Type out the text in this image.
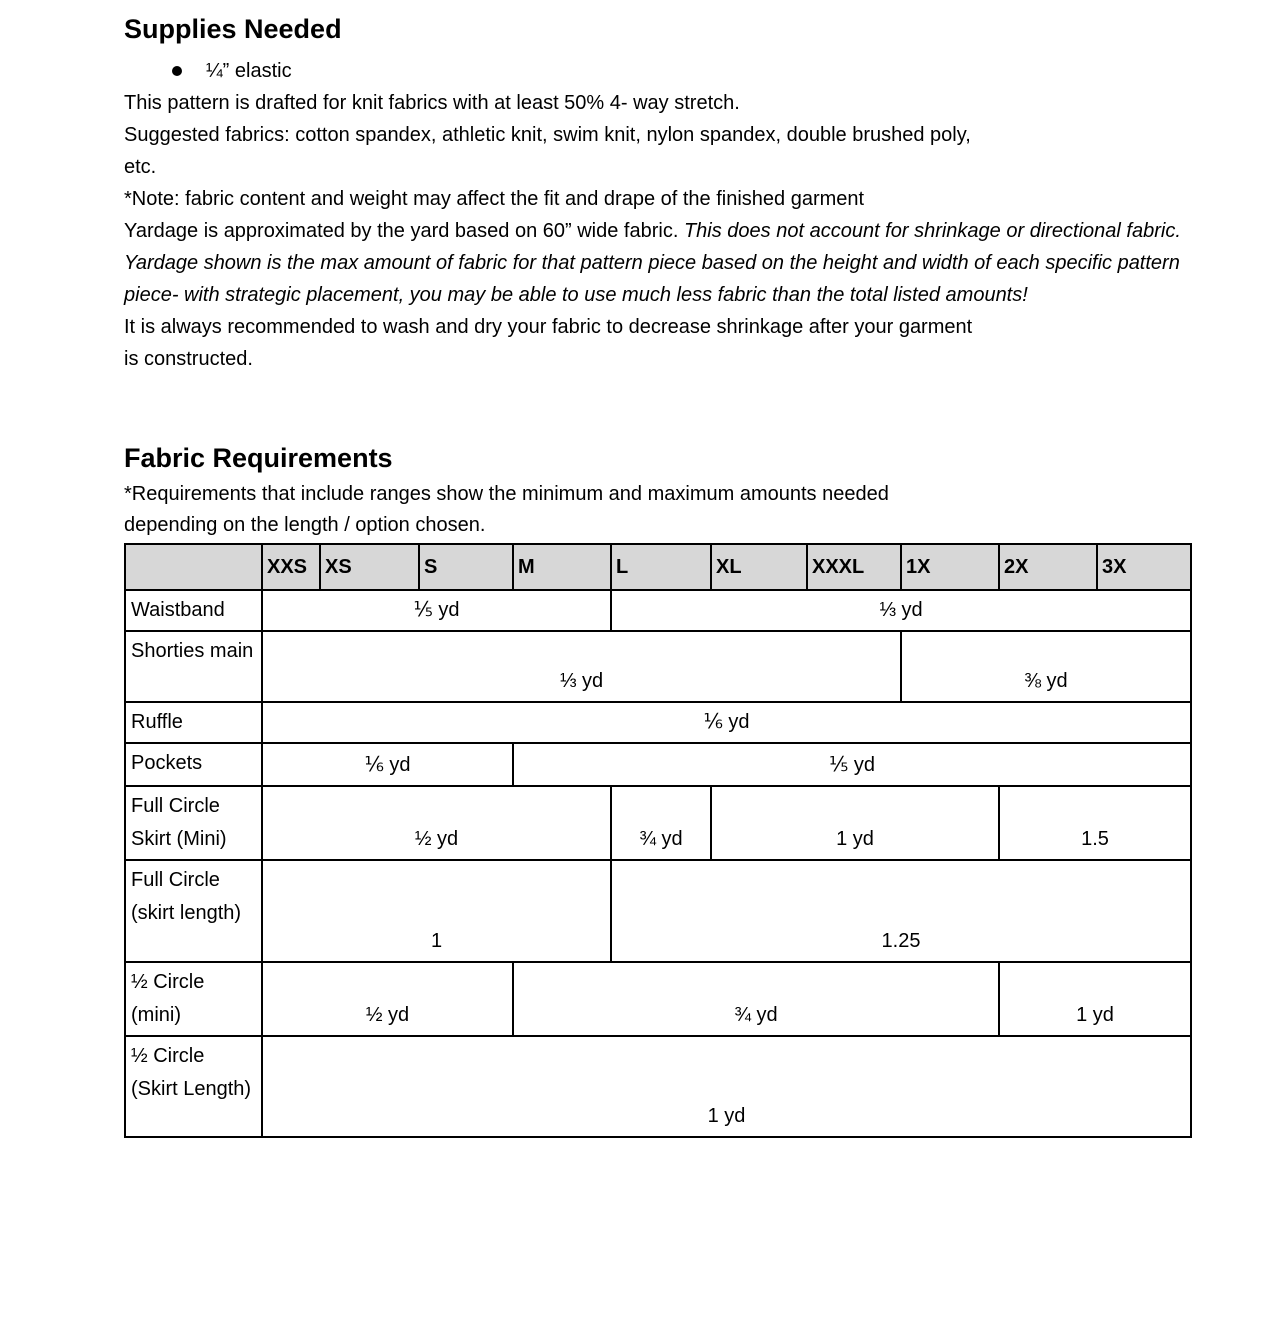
Supplies Needed
¼” elastic

This pattern is drafted for knit fabrics with at least 50% 4- way stretch.
Suggested fabrics: cotton spandex, athletic knit, swim knit, nylon spandex, double brushed poly,
etc.
*Note: fabric content and weight may affect the fit and drape of the finished garment

Yardage is approximated by the yard based on 60” wide fabric. This does not account for shrinkage or directional fabric. Yardage shown is the max amount of fabric for that pattern piece based on the height and width of each specific pattern piece- with strategic placement, you may be able to use much less fabric than the total listed amounts!

It is always recommended to wash and dry your fabric to decrease shrinkage after your garment
is constructed.

Fabric Requirements

*Requirements that include ranges show the minimum and maximum amounts needed
depending on the length / option chosen.

	XXS	XS	S	M	L	XL	XXXL	1X	2X	3X
Waistband	⅕ yd				⅓ yd					
Shorties main	⅓ yd							⅜ yd		
Ruffle	⅙ yd									
Pockets	⅙ yd			⅕ yd						
Full Circle Skirt (Mini)	½ yd				¾ yd	1 yd			1.5	
Full Circle (skirt length)	1				1.25					
½ Circle (mini)	½ yd			¾ yd					1 yd	
½ Circle (Skirt Length)	1 yd									
